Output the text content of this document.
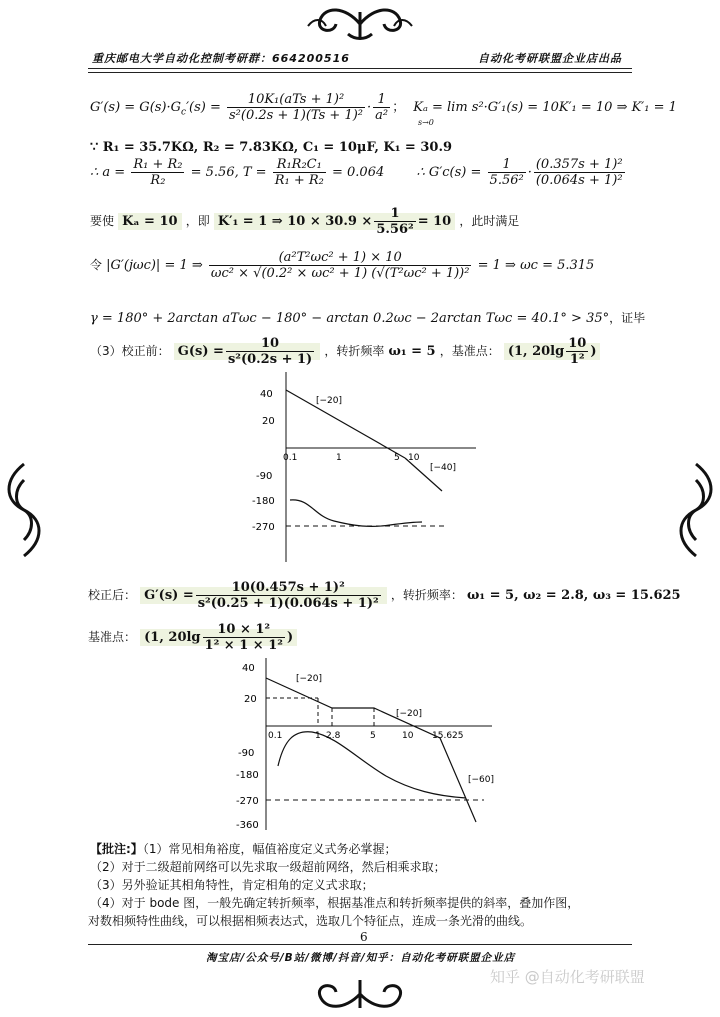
重庆邮电大学自动化控制考研群：664200516	自动化考研联盟企业店出品
$G'(s) = G(s)\cdot G_c'(s) = \frac{\text{10K₁(aTs + 1)²}}{\text{s²(0.2s + 1)(Ts + 1)²}} \cdot \frac{1}{\text{a²}}$ ； Kₐ = lim s²·G′₁(s) = 10K′₁ = 10 ⇒ K′₁ = 1
s→0
∵ R₁ = 35.7KΩ, R₂ = 7.83KΩ, C₁ = 10μF, K₁ = 30.9
∴ $a = \frac{\text{R₁ + R₂}}{\text{R₂}} = 5.56$, $T = \frac{\text{R₁R₂C₁}}{\text{R₁ + R₂}} = 0.064$ ∴ $G'c(s) = \frac{1}{\text{5.56²}} \cdot \frac{\text{(0.357s + 1)²}}{\text{(0.064s + 1)²}}$
要使 Kₐ = 10 ，即 K′₁ = 1 ⇒ $10 \times 30.9 \times \frac{1}{\text{5.56²}} = 10$ ，此时满足
令 |G′(jωc)| = 1 ⇒ $\frac{\text{(a²T²ωc² + 1) × 10}}{\text{ωc² × √(0.2² × ωc² + 1) (√(T²ωc² + 1))²}} = 1$ ⇒ ωc = 5.315
γ = 180° + 2arctan aTωc − 180° − arctan 0.2ωc − 2arctan Tωc = 40.1° > 35°，证毕
（3）校正前： $G(s) = \frac{10}{\text{s²(0.2s + 1)}}$ ，转折频率 ω₁ = 5 ，基准点： (1, $20\lg \frac{10}{\text{1²}}$ )
40
20
-90
-180
-270
0.1	1	5 10
[−20]
[−40]
校正后： $G'(s) = \frac{\text{10(0.457s + 1)²}}{\text{s²(0.25 + 1)(0.064s + 1)²}}$ ，转折频率： ω₁ = 5, ω₂ = 2.8, ω₃ = 15.625
基准点： (1, $20\lg \frac{\text{10 × 1²}}{\text{1² × 1 × 1²}}$ )
40
20
-90
-180
-270
-360
0.1	1 2.8	5	10 15.625
[−20]
[−20]
[−60]
【批注:】（1）常见相角裕度，幅值裕度定义式务必掌握；
（2）对于二级超前网络可以先求取一级超前网络，然后相乘求取；
（3）另外验证其相角特性，肯定相角的定义式求取；
（4）对于 bode 图，一般先确定转折频率，根据基准点和转折频率提供的斜率，叠加作图，
对数相频特性曲线，可以根据相频表达式，选取几个特征点，连成一条光滑的曲线。
6
淘宝店/公众号/B站/微博/抖音/知乎：自动化考研联盟企业店
知乎 @自动化考研联盟
